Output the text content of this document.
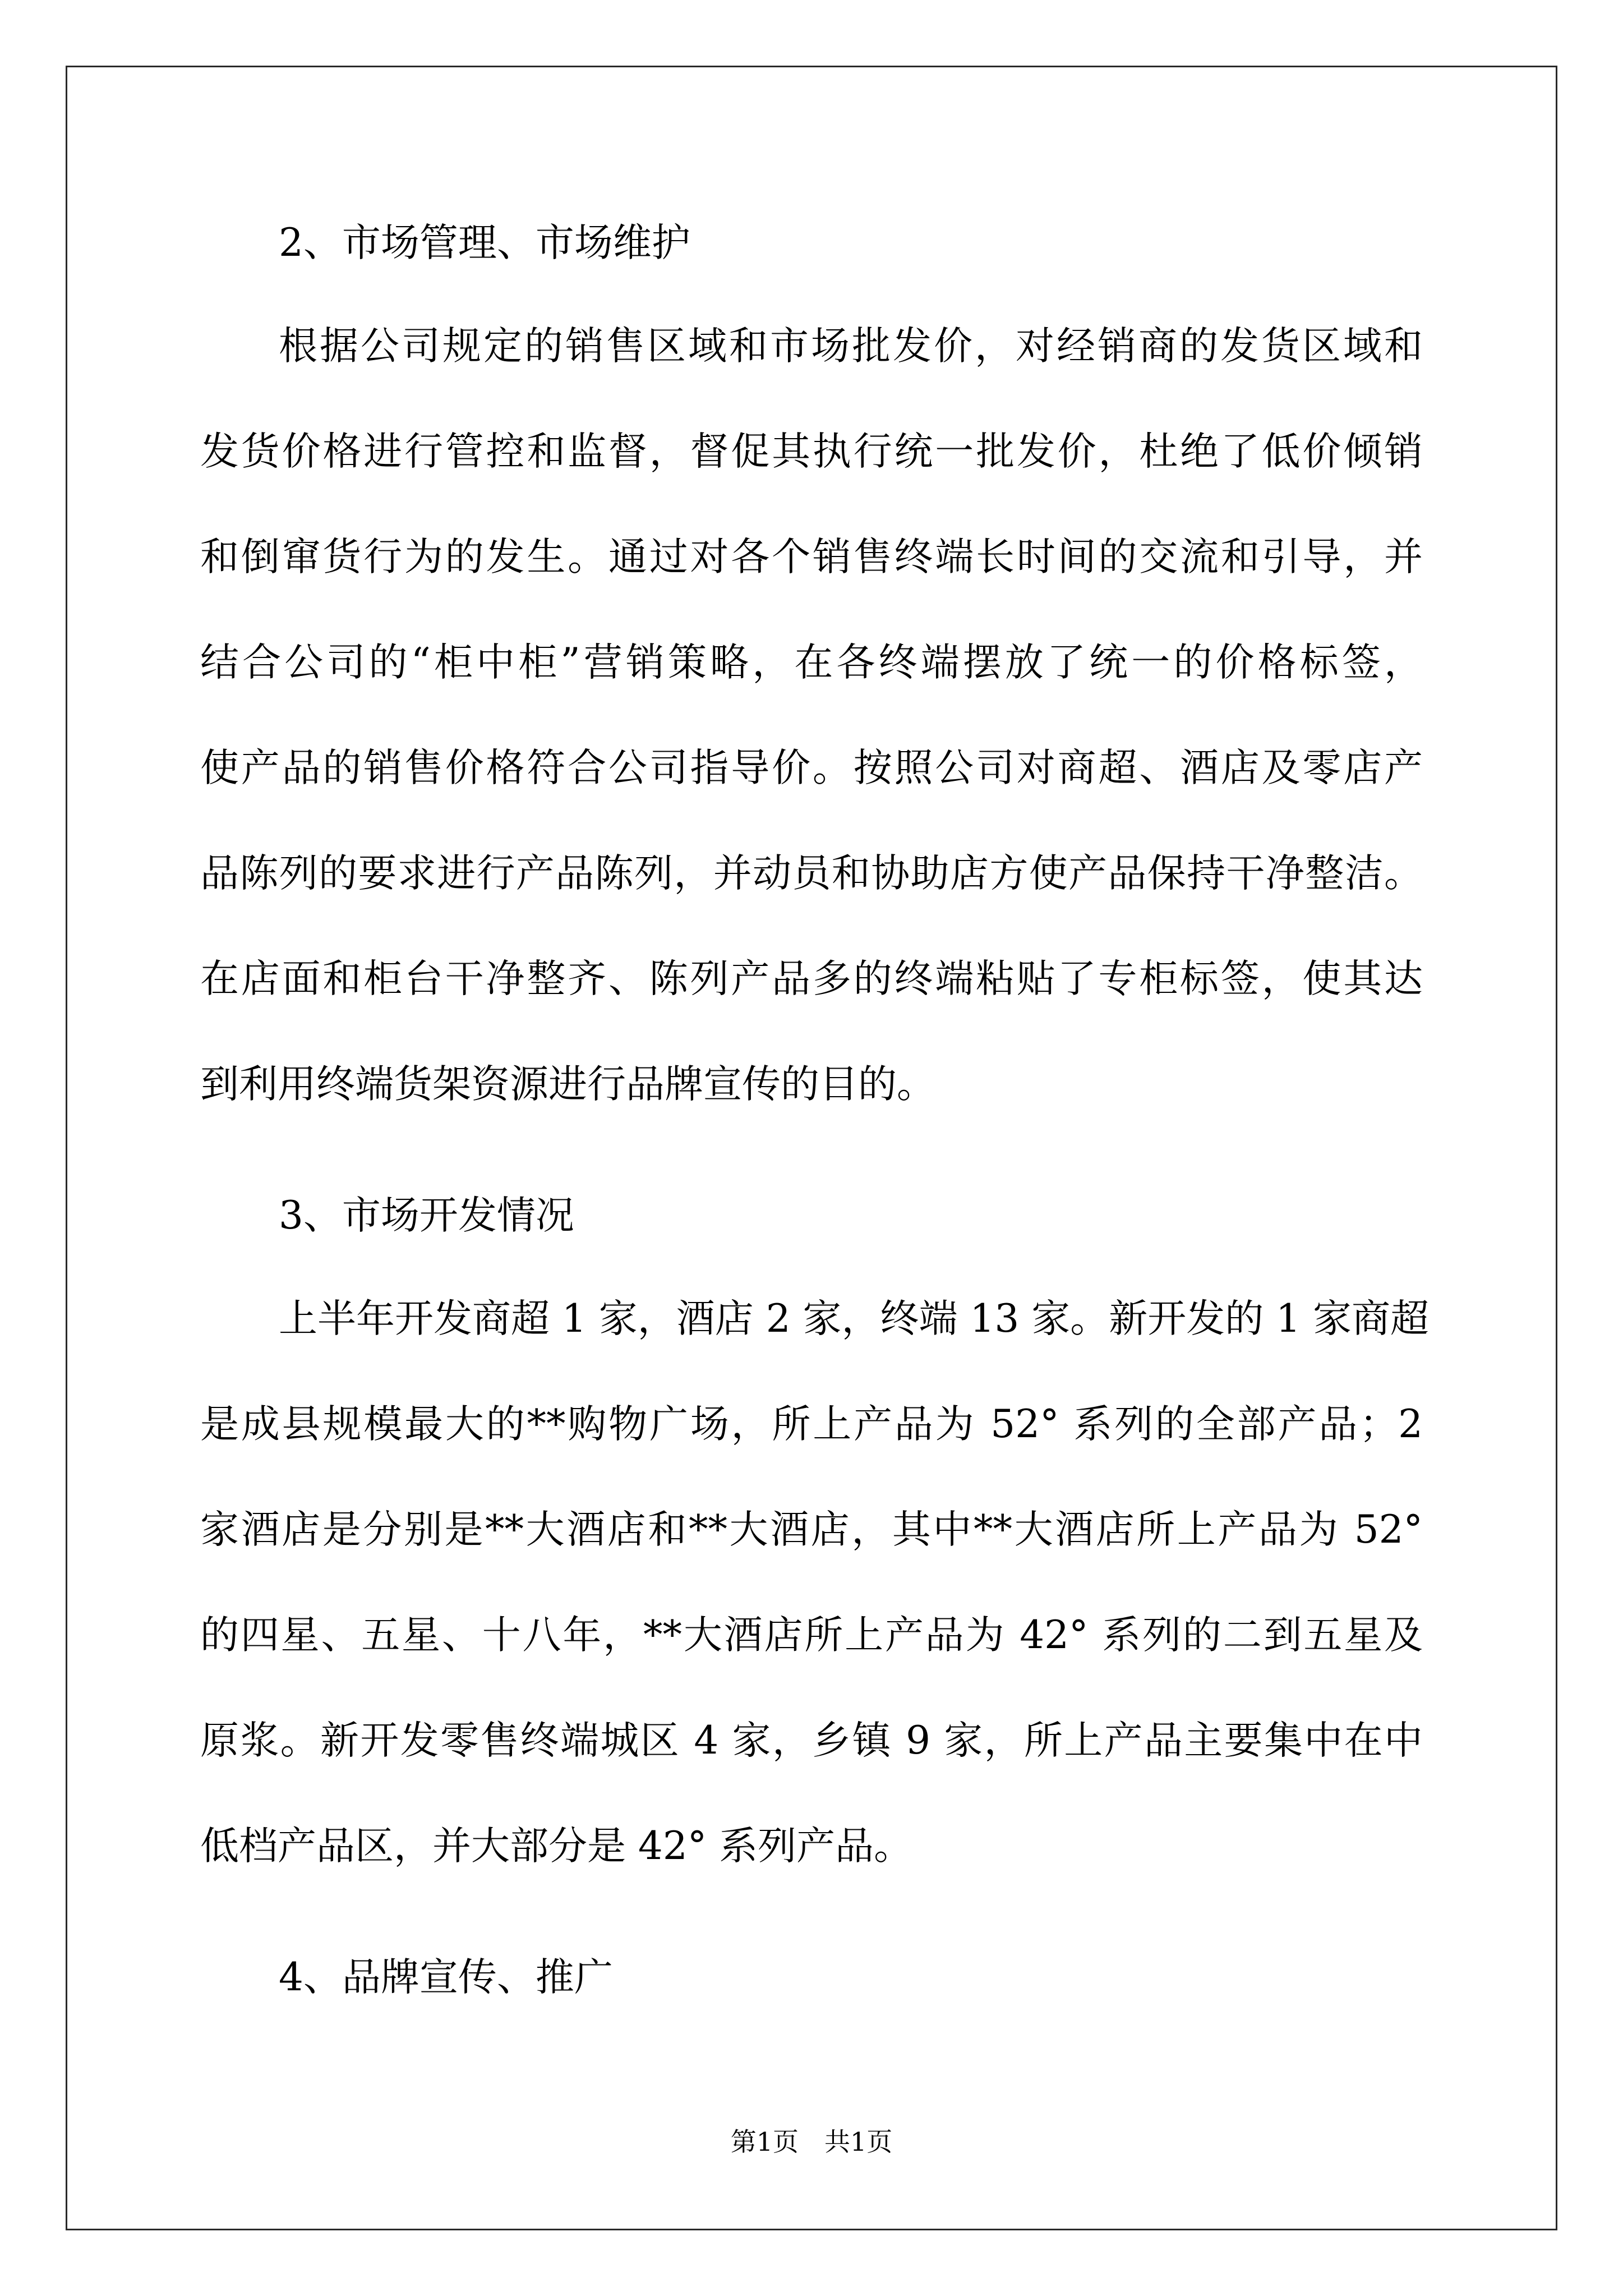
2、市场管理、市场维护
根据公司规定的销售区域和市场批发价，对经销商的发货区域和
发货价格进行管控和监督，督促其执行统一批发价，杜绝了低价倾销
和倒窜货行为的发生。通过对各个销售终端长时间的交流和引导，并
结合公司的“柜中柜”营销策略，在各终端摆放了统一的价格标签，
使产品的销售价格符合公司指导价。按照公司对商超、酒店及零店产
品陈列的要求进行产品陈列，并动员和协助店方使产品保持干净整洁。
在店面和柜台干净整齐、陈列产品多的终端粘贴了专柜标签，使其达
到利用终端货架资源进行品牌宣传的目的。
3、市场开发情况
上半年开发商超 1 家，酒店 2 家，终端 13 家。新开发的 1 家商超
是成县规模最大的**购物广场，所上产品为 52° 系列的全部产品；2
家酒店是分别是**大酒店和**大酒店，其中**大酒店所上产品为 52°
的四星、五星、十八年，**大酒店所上产品为 42° 系列的二到五星及
原浆。新开发零售终端城区 4 家，乡镇 9 家，所上产品主要集中在中
低档产品区，并大部分是 42° 系列产品。
4、品牌宣传、推广
第1页　共1页
